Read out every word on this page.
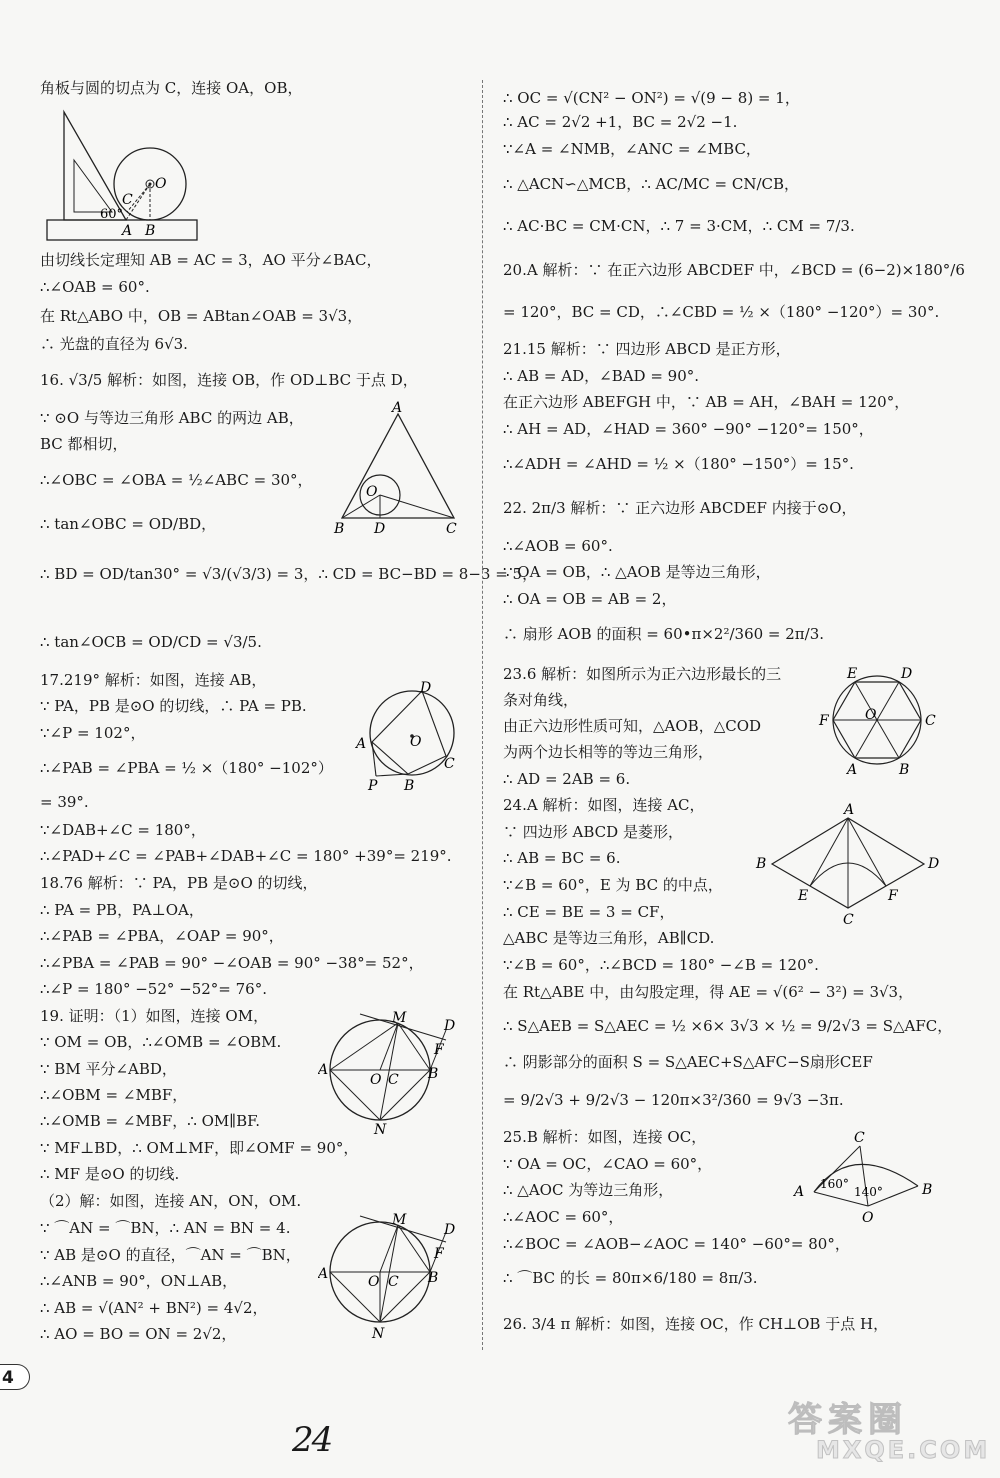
角板与圆的切点为 C，连接 OA，OB，
由切线长定理知 AB = AC = 3，AO 平分∠BAC，
∴∠OAB = 60°.
在 Rt△ABO 中，OB = ABtan∠OAB = 3√3，
∴ 光盘的直径为 6√3.
16. √3/5 解析：如图，连接 OB，作 OD⊥BC 于点 D，
∵ ⊙O 与等边三角形 ABC 的两边 AB，
BC 都相切，
∴∠OBC = ∠OBA = ½∠ABC = 30°，
∴ tan∠OBC = OD/BD，
∴ BD = OD/tan30° = √3/(√3/3) = 3，∴ CD = BC−BD = 8−3 = 5，
∴ tan∠OCB = OD/CD = √3/5.
17.219° 解析：如图，连接 AB，
∵ PA，PB 是⊙O 的切线，∴ PA = PB.
∵∠P = 102°，
∴∠PAB = ∠PBA = ½ ×（180° −102°）
= 39°.
∵∠DAB+∠C = 180°，
∴∠PAD+∠C = ∠PAB+∠DAB+∠C = 180° +39°= 219°.
18.76 解析：∵ PA，PB 是⊙O 的切线，
∴ PA = PB，PA⊥OA，
∴∠PAB = ∠PBA，∠OAP = 90°，
∴∠PBA = ∠PAB = 90° −∠OAB = 90° −38°= 52°，
∴∠P = 180° −52° −52°= 76°.
19. 证明：（1）如图，连接 OM，
∵ OM = OB，∴∠OMB = ∠OBM.
∵ BM 平分∠ABD，
∴∠OBM = ∠MBF，
∴∠OMB = ∠MBF，∴ OM∥BF.
∵ MF⊥BD，∴ OM⊥MF，即∠OMF = 90°，
∴ MF 是⊙O 的切线.
（2）解：如图，连接 AN，ON，OM.
∵ ⌒AN = ⌒BN，∴ AN = BN = 4.
∵ AB 是⊙O 的直径，⌒AN = ⌒BN，
∴∠ANB = 90°，ON⊥AB，
∴ AB = √(AN² + BN²) = 4√2，
∴ AO = BO = ON = 2√2，
C
O
60°
A B
A
O
B D	C
D
A	O
C
P B
M	D
F
A
O C B
N
M
D
F
A	O C B
N
∴ OC = √(CN² − ON²) = √(9 − 8) = 1，
∴ AC = 2√2 +1，BC = 2√2 −1.
∵∠A = ∠NMB，∠ANC = ∠MBC，
∴ △ACN∽△MCB，∴ AC/MC = CN/CB，
∴ AC·BC = CM·CN，∴ 7 = 3·CM，∴ CM = 7/3.
20.A 解析：∵ 在正六边形 ABCDEF 中，∠BCD = (6−2)×180°/6
= 120°，BC = CD，∴∠CBD = ½ ×（180° −120°）= 30°.
21.15 解析：∵ 四边形 ABCD 是正方形，
∴ AB = AD，∠BAD = 90°.
在正六边形 ABEFGH 中，∵ AB = AH，∠BAH = 120°，
∴ AH = AD，∠HAD = 360° −90° −120°= 150°，
∴∠ADH = ∠AHD = ½ ×（180° −150°）= 15°.
22. 2π/3 解析：∵ 正六边形 ABCDEF 内接于⊙O，
∴∠AOB = 60°.
∵ OA = OB，∴ △AOB 是等边三角形，
∴ OA = OB = AB = 2，
∴ 扇形 AOB 的面积 = 60•π×2²/360 = 2π/3.
23.6 解析：如图所示为正六边形最长的三
条对角线，
由正六边形性质可知，△AOB，△COD
为两个边长相等的等边三角形，
∴ AD = 2AB = 6.
24.A 解析：如图，连接 AC，
∵ 四边形 ABCD 是菱形，
∴ AB = BC = 6.
∵∠B = 60°，E 为 BC 的中点，
∴ CE = BE = 3 = CF，
△ABC 是等边三角形，AB∥CD.
∵∠B = 60°，∴∠BCD = 180° −∠B = 120°.
在 Rt△ABE 中，由勾股定理，得 AE = √(6² − 3²) = 3√3，
∴ S△AEB = S△AEC = ½ ×6× 3√3 × ½ = 9/2√3 = S△AFC，
∴ 阴影部分的面积 S = S△AEC+S△AFC−S扇形CEF
= 9/2√3 + 9/2√3 − 120π×3²/360 = 9√3 −3π.
25.B 解析：如图，连接 OC，
∵ OA = OC，∠CAO = 60°，
∴ △AOC 为等边三角形，
∴∠AOC = 60°，
∴∠BOC = ∠AOB−∠AOC = 140° −60°= 80°，
∴ ⌒BC 的长 = 80π×6/180 = 8π/3.
26. 3/4 π 解析：如图，连接 OC，作 CH⊥OB 于点 H，
E	D
F	O	C
A	B
A
B	D
E	F
C
C
A 160°
140°	B
O
4
24	答案圈
MXQE.COM
